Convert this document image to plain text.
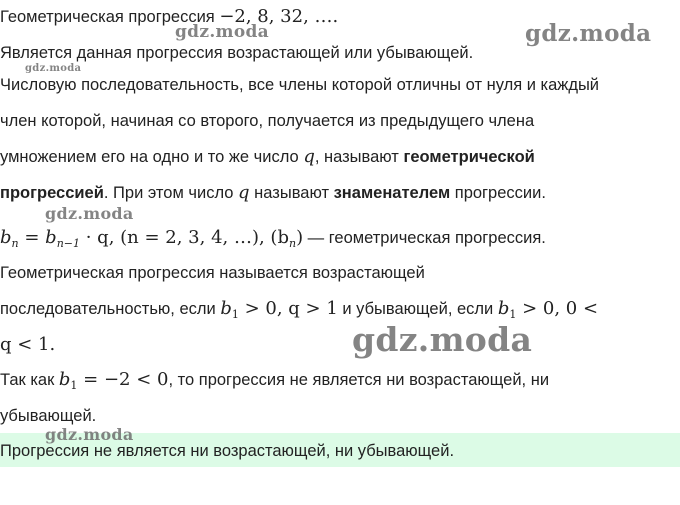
Геометрическая прогрессия −2, 8, 32, ….
Является данная прогрессия возрастающей или убывающей.
Числовую последовательность, все члены которой отличны от нуля и каждый
член которой, начиная со второго, получается из предыдущего члена
умножением его на одно и то же число q, называют геометрической
прогрессией. При этом число q называют знаменателем прогрессии.
$b_n = b_{n-1} \cdot q$, (n = 2, 3, 4, …), $(b_n)$ — геометрическая прогрессия.
Геометрическая прогрессия называется возрастающей
последовательностью, если $b_1 > 0$, q > 1 и убывающей, если $b_1 > 0$, 0 <
q < 1.
Так как $b_1 = -2 < 0$, то прогрессия не является ни возрастающей, ни
убывающей.
Прогрессия не является ни возрастающей, ни убывающей.
gdz.moda	gdz.moda
gdz.moda
gdz.moda
gdz.moda
gdz.moda
